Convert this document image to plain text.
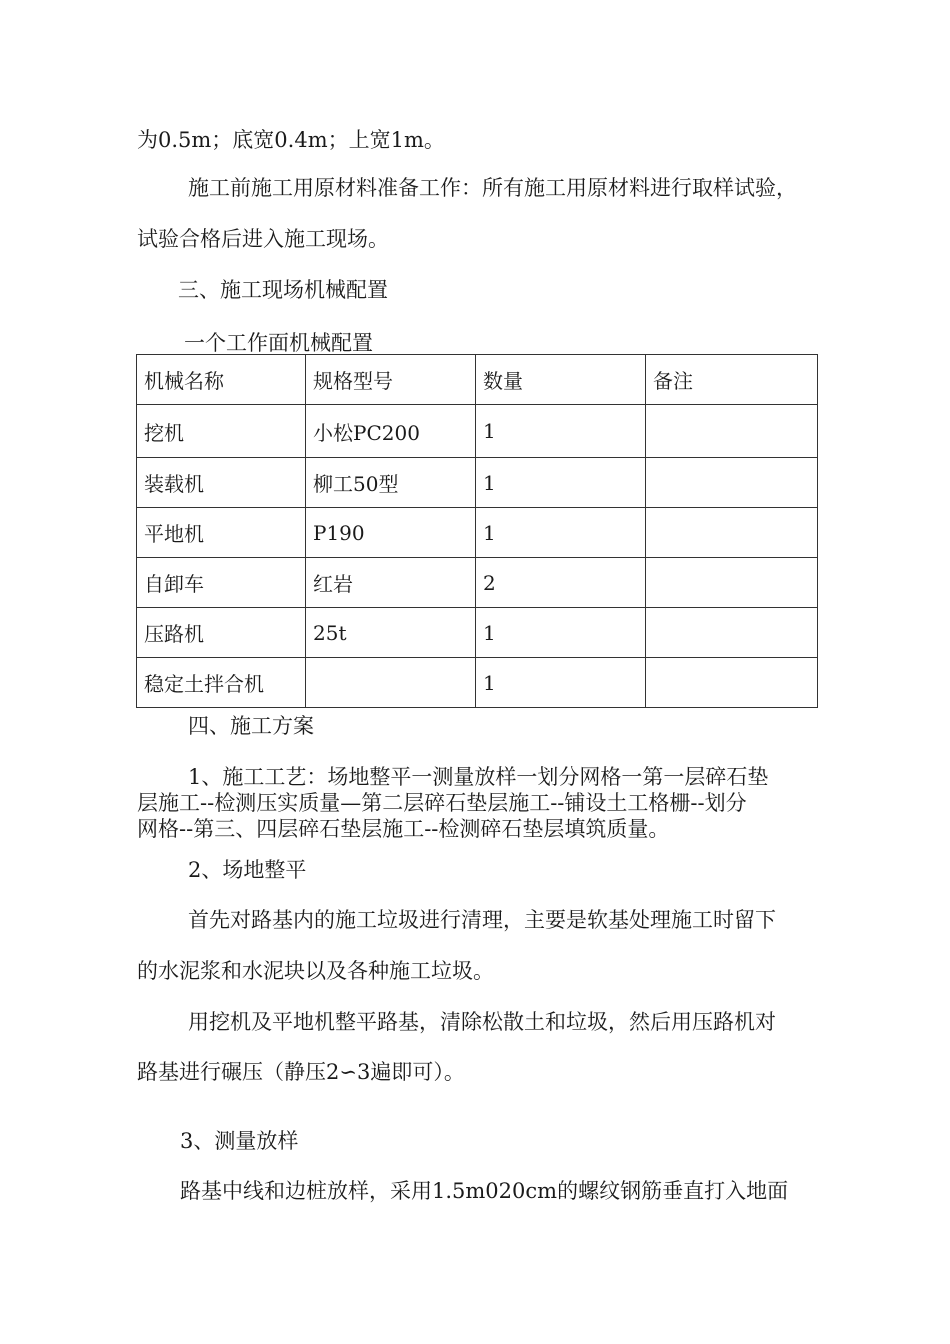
为0.5m；底宽0.4m；上宽1m。
施工前施工用原材料准备工作：所有施工用原材料进行取样试验，
试验合格后进入施工现场。
三、施工现场机械配置
一个工作面机械配置
机械名称	规格型号	数量	备注
挖机	小松PC200	1	
装载机	柳工50型	1	
平地机	P190	1	
自卸车	红岩	2	
压路机	25t	1	
稳定土拌合机		1	
四、施工方案
1、施工工艺：场地整平一测量放样一划分网格一第一层碎石垫
层施工--检测压实质量—第二层碎石垫层施工--铺设土工格栅--划分
网格--第三、四层碎石垫层施工--检测碎石垫层填筑质量。
2、场地整平
首先对路基内的施工垃圾进行清理，主要是软基处理施工时留下
的水泥浆和水泥块以及各种施工垃圾。
用挖机及平地机整平路基，清除松散土和垃圾，然后用压路机对
路基进行碾压（静压2∽3遍即可）。
3、测量放样
路基中线和边桩放样，采用1.5m020cm的螺纹钢筋垂直打入地面
